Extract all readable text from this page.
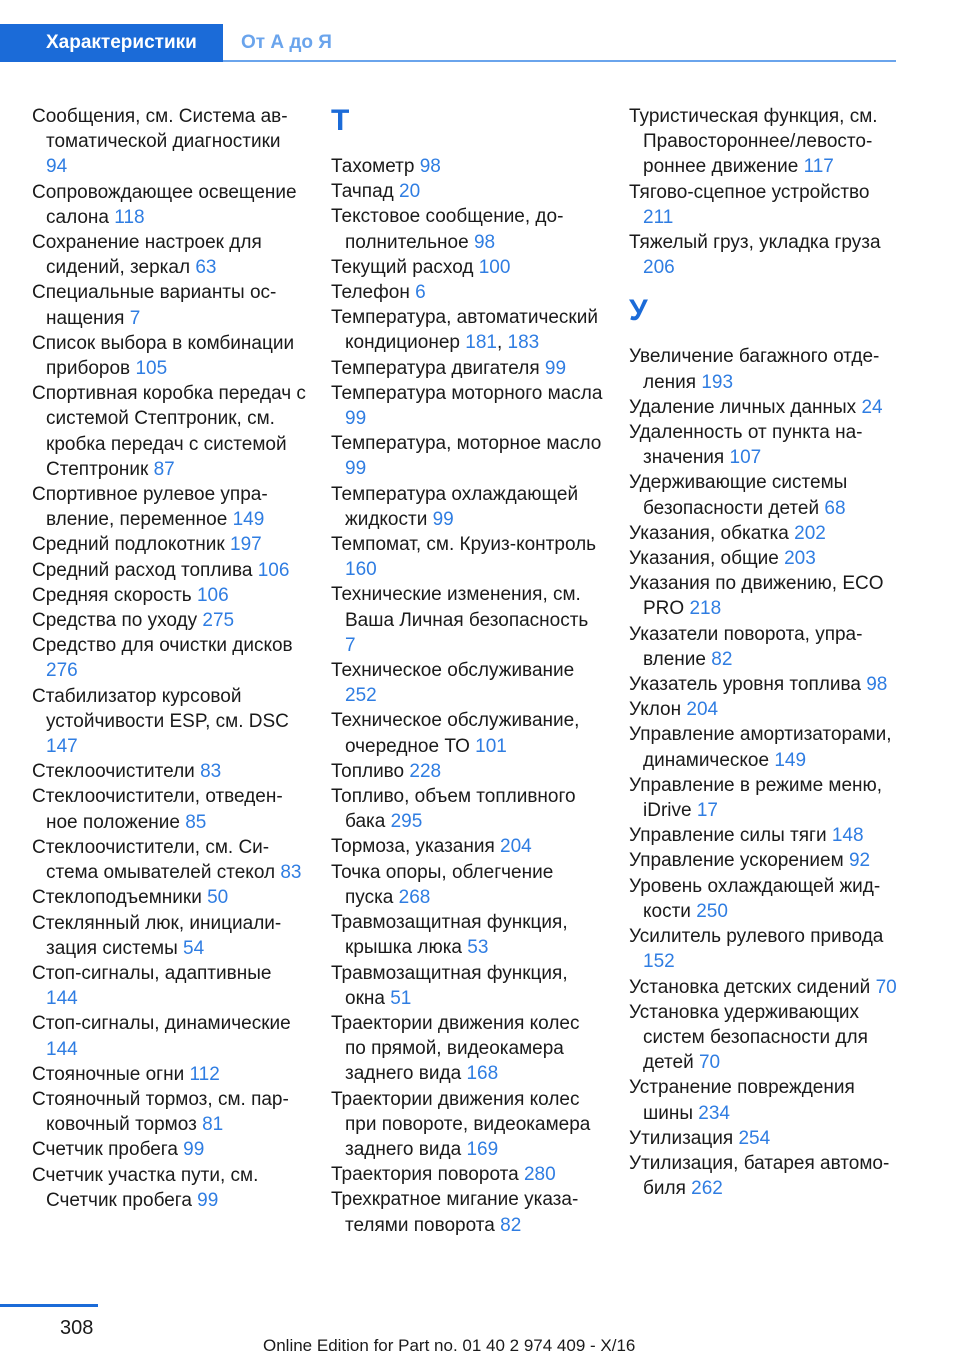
Характеристики	От А до Я
Сообщения, см. Система автоматической диагностики 94
Сопровождающее освещение салона 118
Сохранение настроек для сидений, зеркал 63
Специальные варианты оснащения 7
Список выбора в комбинации приборов 105
Спортивная коробка передач с системой Стептроник, см. кробка передач с системой Стептроник 87
Спортивное рулевое управление, переменное 149
Средний подлокотник 197
Средний расход топлива 106
Средняя скорость 106
Средства по уходу 275
Средство для очистки дисков 276
Стабилизатор курсовой устойчивости ESP, см. DSC 147
Стеклоочистители 83
Стеклоочистители, отведенное положение 85
Стеклоочистители, см. Система омывателей стекол 83
Стеклоподъемники 50
Стеклянный люк, инициализация системы 54
Стоп-сигналы, адаптивные 144
Стоп-сигналы, динамические 144
Стояночные огни 112
Стояночный тормоз, см. парковочный тормоз 81
Счетчик пробега 99
Счетчик участка пути, см. Счетчик пробега 99
Т
Тахометр 98
Тачпад 20
Текстовое сообщение, дополнительное 98
Текущий расход 100
Телефон 6
Температура, автоматический кондиционер 181, 183
Температура двигателя 99
Температура моторного масла 99
Температура, моторное масло 99
Температура охлаждающей жидкости 99
Темпомат, см. Круиз-контроль 160
Технические изменения, см. Ваша Личная безопасность 7
Техническое обслуживание 252
Техническое обслуживание, очередное ТО 101
Топливо 228
Топливо, объем топливного бака 295
Тормоза, указания 204
Точка опоры, облегчение пуска 268
Травмозащитная функция, крышка люка 53
Травмозащитная функция, окна 51
Траектории движения колес по прямой, видеокамера заднего вида 168
Траектории движения колес при повороте, видеокамера заднего вида 169
Траектория поворота 280
Трехкратное мигание указателями поворота 82
Туристическая функция, см. Правостороннее/левостороннее движение 117
Тягово-сцепное устройство 211
Тяжелый груз, укладка груза 206
У
Увеличение багажного отделения 193
Удаление личных данных 24
Удаленность от пункта назначения 107
Удерживающие системы безопасности детей 68
Указания, обкатка 202
Указания, общие 203
Указания по движению, ECO PRO 218
Указатели поворота, управление 82
Указатель уровня топлива 98
Уклон 204
Управление амортизаторами, динамическое 149
Управление в режиме меню, iDrive 17
Управление силы тяги 148
Управление ускорением 92
Уровень охлаждающей жидкости 250
Усилитель рулевого привода 152
Установка детских сидений 70
Установка удерживающих систем безопасности для детей 70
Устранение повреждения шины 234
Утилизация 254
Утилизация, батарея автомобиля 262
308
Online Edition for Part no. 01 40 2 974 409 - X/16
